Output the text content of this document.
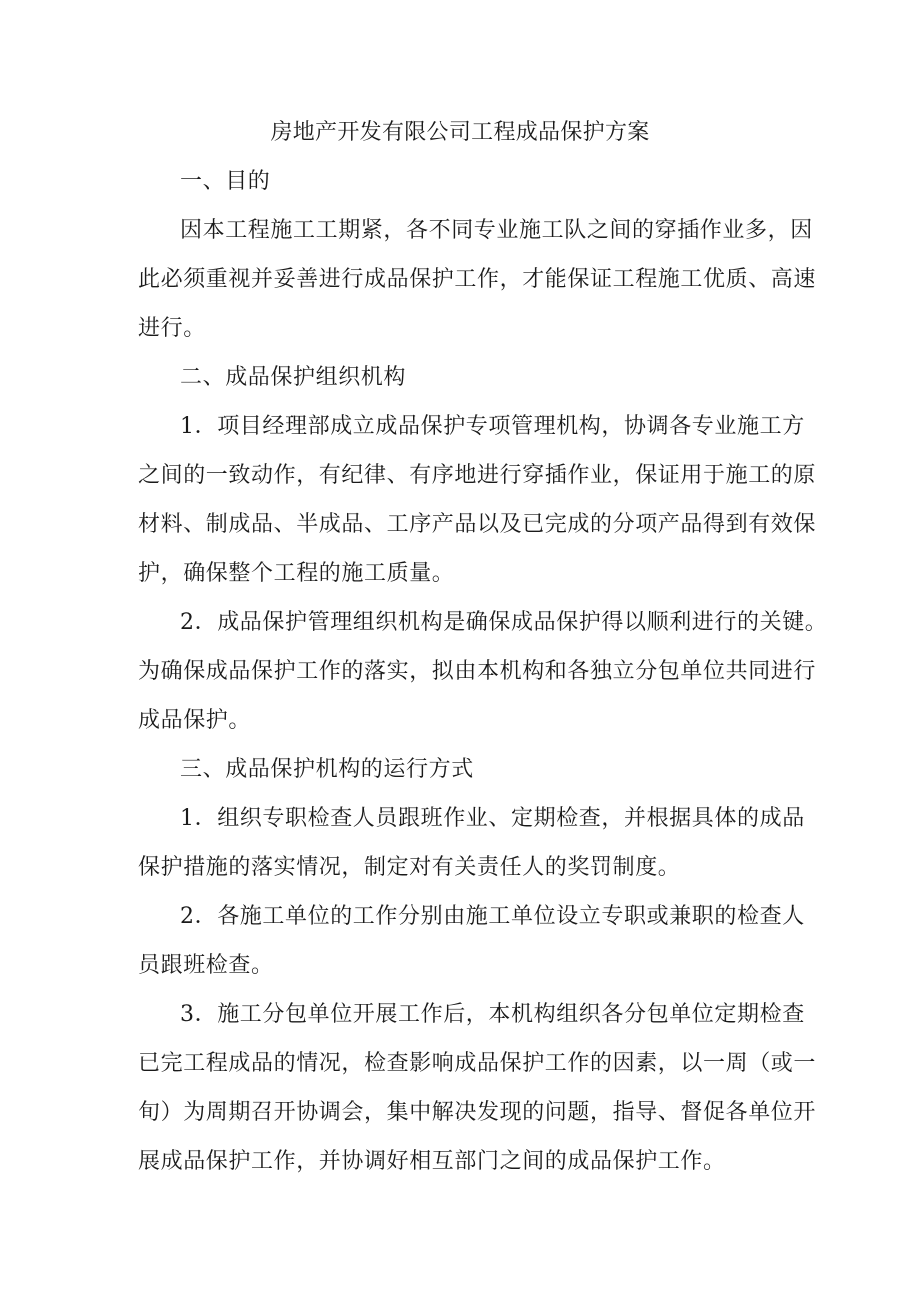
房地产开发有限公司工程成品保护方案
一、目的
因本工程施工工期紧，各不同专业施工队之间的穿插作业多，因
此必须重视并妥善进行成品保护工作，才能保证工程施工优质、高速
进行。
二、成品保护组织机构
1．项目经理部成立成品保护专项管理机构，协调各专业施工方
之间的一致动作，有纪律、有序地进行穿插作业，保证用于施工的原
材料、制成品、半成品、工序产品以及已完成的分项产品得到有效保
护，确保整个工程的施工质量。
2．成品保护管理组织机构是确保成品保护得以顺利进行的关键。
为确保成品保护工作的落实，拟由本机构和各独立分包单位共同进行
成品保护。
三、成品保护机构的运行方式
1．组织专职检查人员跟班作业、定期检查，并根据具体的成品
保护措施的落实情况，制定对有关责任人的奖罚制度。
2．各施工单位的工作分别由施工单位设立专职或兼职的检查人
员跟班检查。
3．施工分包单位开展工作后，本机构组织各分包单位定期检查
已完工程成品的情况，检查影响成品保护工作的因素，以一周（或一
旬）为周期召开协调会，集中解决发现的问题，指导、督促各单位开
展成品保护工作，并协调好相互部门之间的成品保护工作。
